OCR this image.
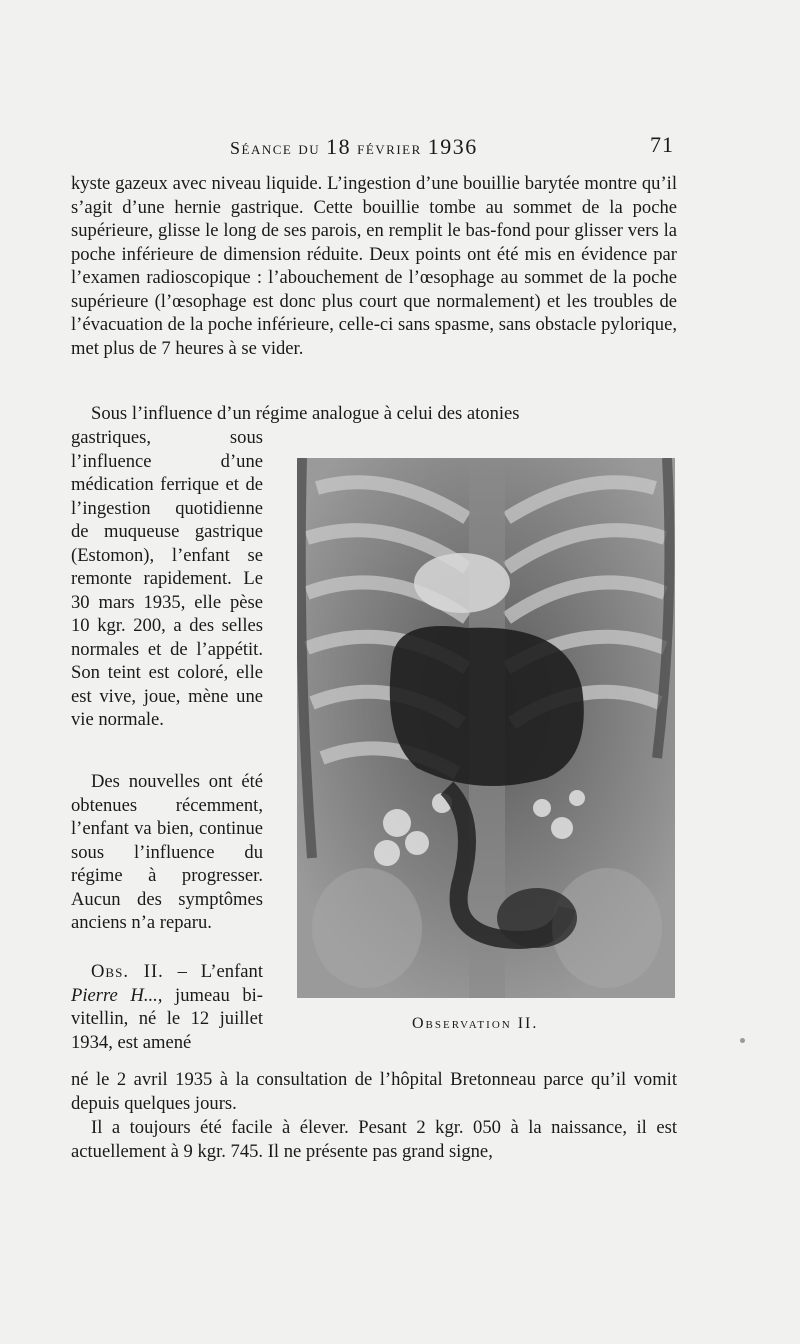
Séance du 18 février 1936	71

kyste gazeux avec niveau liquide. L’ingestion d’une bouillie barytée montre qu’il s’agit d’une hernie gastrique. Cette bouillie tombe au sommet de la poche supérieure, glisse le long de ses parois, en remplit le bas-fond pour glisser vers la poche inférieure de dimension réduite. Deux points ont été mis en évidence par l’examen radioscopique : l’abouchement de l’œsophage au sommet de la poche supérieure (l’œsophage est donc plus court que normalement) et les troubles de l’évacuation de la poche inférieure, celle-ci sans spasme, sans obstacle pylorique, met plus de 7 heures à se vider.

Sous l’influence d’un régime analogue à celui des atonies

gastriques, sous l’influence d’une médication ferrique et de l’ingestion quotidienne de muqueuse gastrique (Estomon), l’enfant se remonte rapidement. Le 30 mars 1935, elle pèse 10 kgr. 200, a des selles normales et de l’appétit. Son teint est coloré, elle est vive, joue, mène une vie normale.

Des nouvelles ont été obtenues récemment, l’enfant va bien, continue sous l’influence du régime à progresser. Aucun des symptômes anciens n’a reparu.

Obs. II. – L’enfant Pierre H..., jumeau bi-vitellin, né le 12 juillet 1934, est amené

né le 2 avril 1935 à la consultation de l’hôpital Bretonneau parce qu’il vomit depuis quelques jours.

Il a toujours été facile à élever. Pesant 2 kgr. 050 à la naissance, il est actuellement à 9 kgr. 745. Il ne présente pas grand signe,

Observation II.
